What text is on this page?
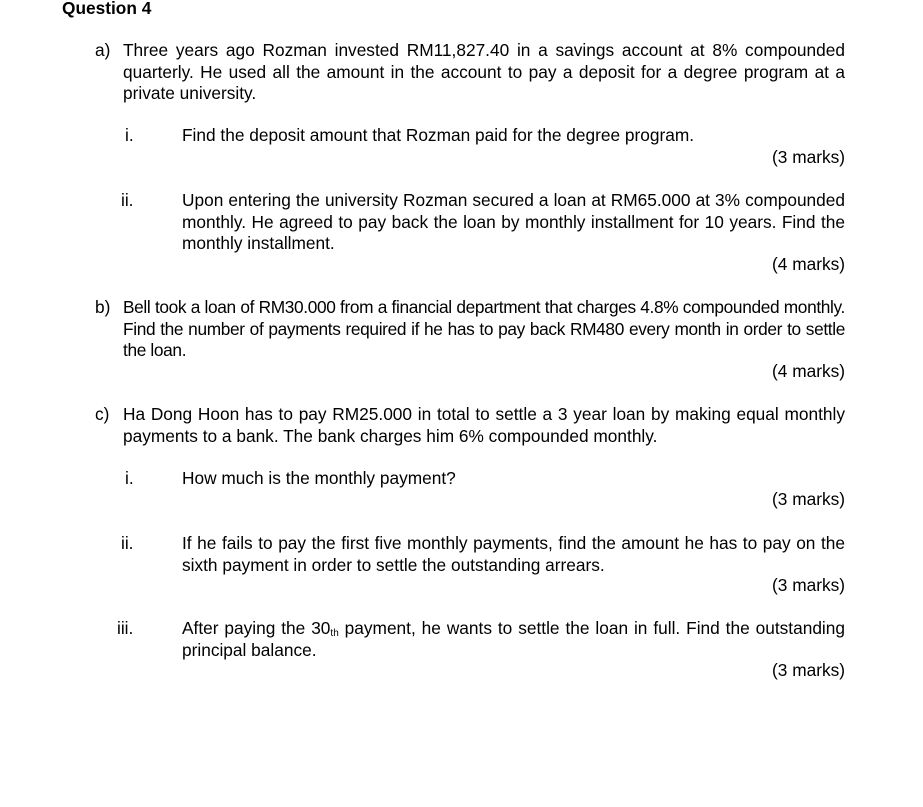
Question 4
a) Three years ago Rozman invested RM11,827.40 in a savings account at 8% compounded quarterly. He used all the amount in the account to pay a deposit for a degree program at a private university.
i.	Find the deposit amount that Rozman paid for the degree program.
(3 marks)
ii.	Upon entering the university Rozman secured a loan at RM65.000 at 3% compounded monthly. He agreed to pay back the loan by monthly installment for 10 years. Find the monthly installment.
(4 marks)
b) Bell took a loan of RM30.000 from a financial department that charges 4.8% compounded monthly. Find the number of payments required if he has to pay back RM480 every month in order to settle the loan.
(4 marks)
c) Ha Dong Hoon has to pay RM25.000 in total to settle a 3 year loan by making equal monthly payments to a bank. The bank charges him 6% compounded monthly.
i.	How much is the monthly payment?
(3 marks)
ii.	If he fails to pay the first five monthly payments, find the amount he has to pay on the sixth payment in order to settle the outstanding arrears.
(3 marks)
iii.	After paying the $30_{th}$ payment, he wants to settle the loan in full. Find the outstanding principal balance.
(3 marks)
